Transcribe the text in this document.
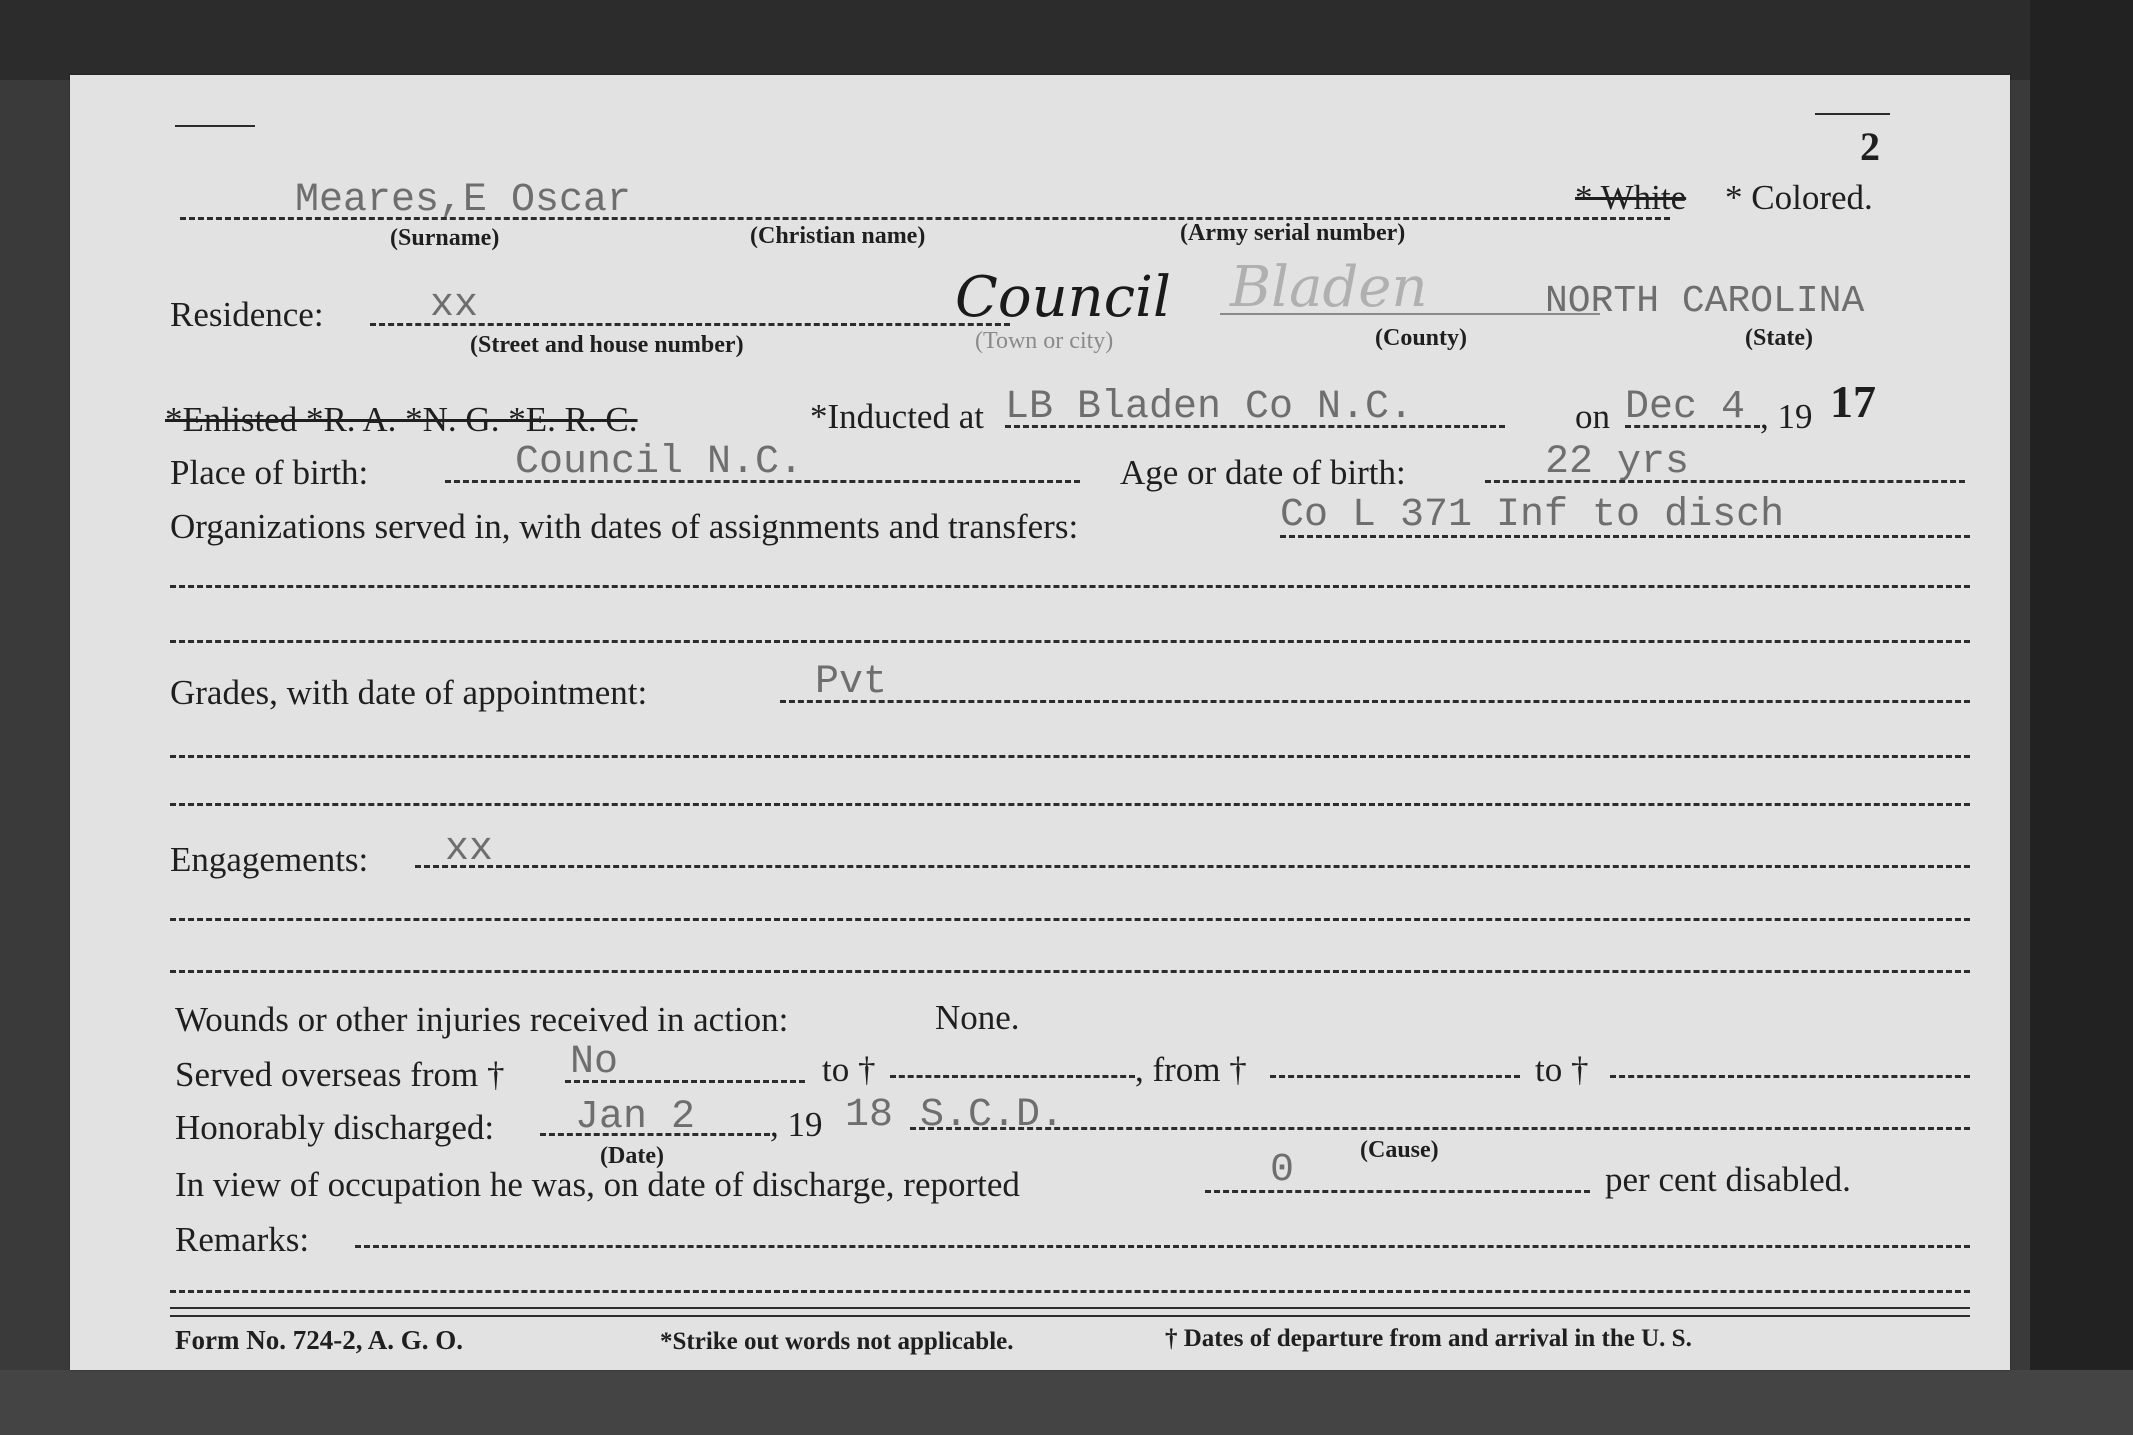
2
Meares,E Oscar	* White * Colored.
(Surname)	(Christian name)	(Army serial number)
Residence:	xx	Council Bladen	NORTH CAROLINA
(Street and house number)	(Town or city)	(County)	(State)
*Enlisted *R. A. *N. G. *E. R. C.	*Inducted at LB Bladen Co N.C.	on Dec 4 , 19 17
Place of birth:	Council N.C.	Age or date of birth:	22 yrs
Organizations served in, with dates of assignments and transfers:	Co L 371 Inf to disch
Grades, with date of appointment:	Pvt
Engagements: xx
Wounds or other injuries received in action:	None.
Served overseas from † No	to †	, from †	to †
Honorably discharged: Jan 2 , 19 18 S.C.D.
(Date)	(Cause)
In view of occupation he was, on date of discharge, reported	0	per cent disabled.
Remarks:
Form No. 724-2, A. G. O.	*Strike out words not applicable.	† Dates of departure from and arrival in the U. S.
